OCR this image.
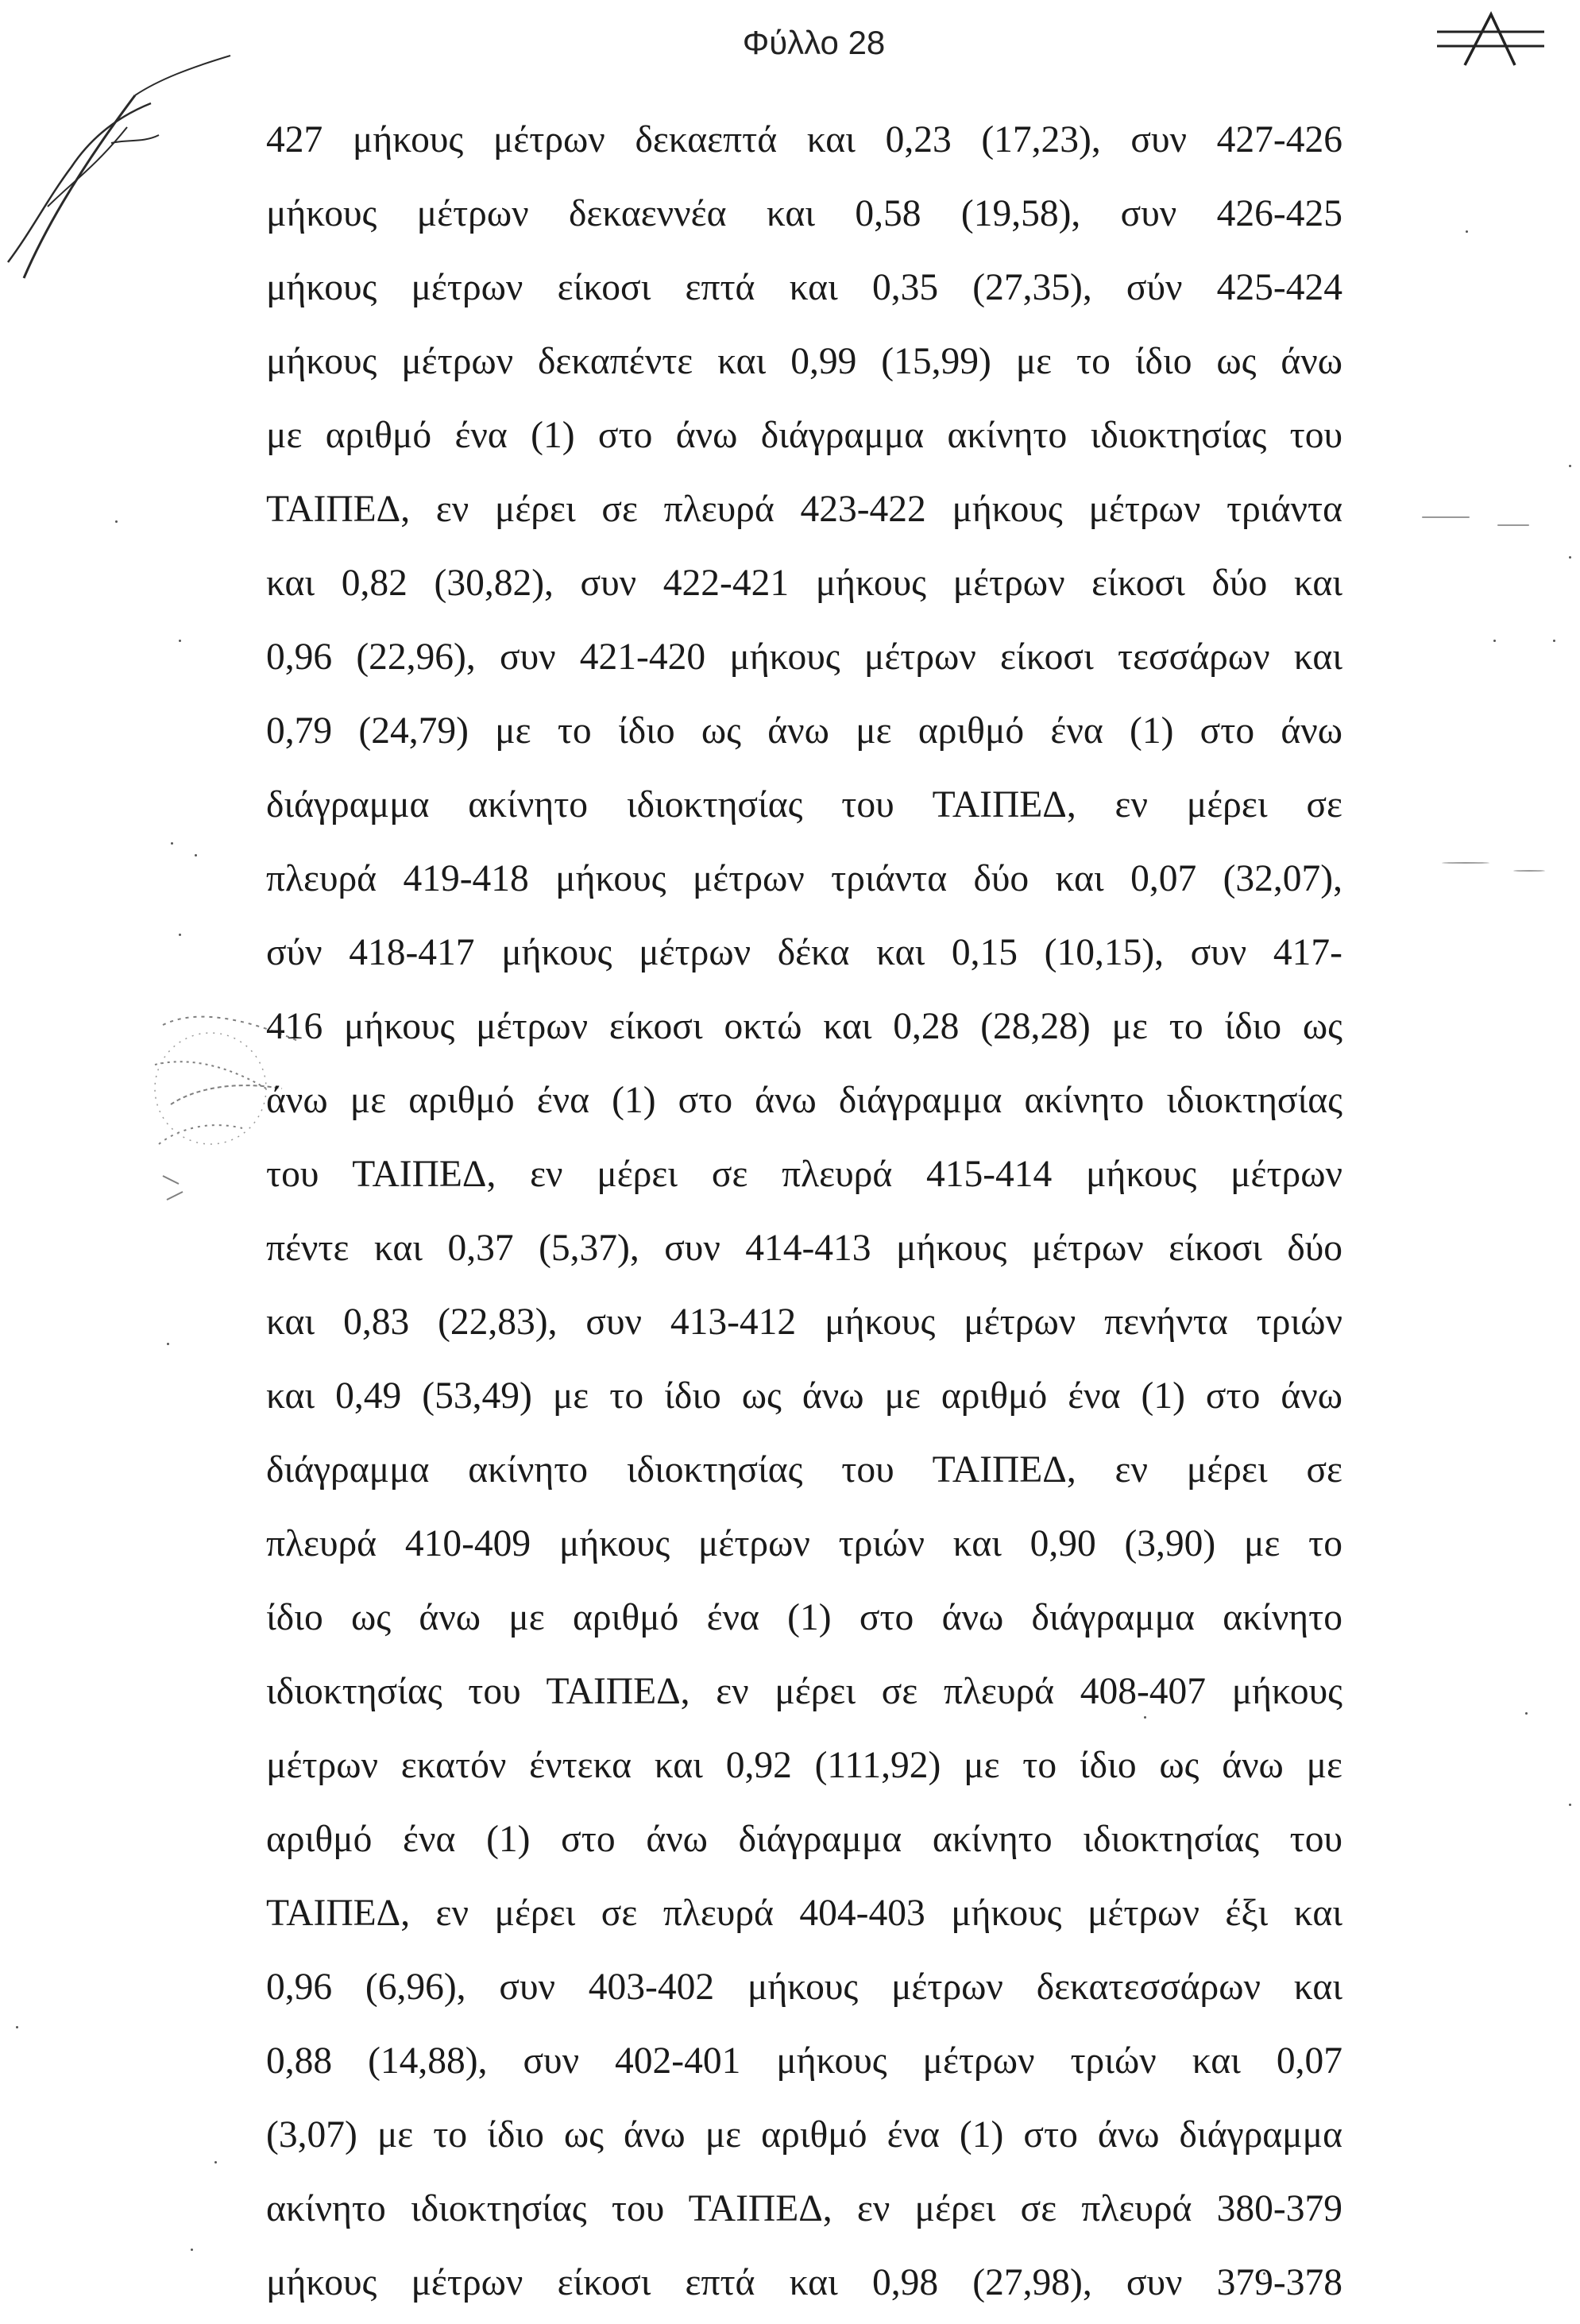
Φύλλο 28
427 μήκους μέτρων δεκαεπτά και 0,23 (17,23), συν 427-426
μήκους μέτρων δεκαεννέα και 0,58 (19,58), συν 426-425
μήκους μέτρων είκοσι επτά και 0,35 (27,35), σύν 425-424
μήκους μέτρων δεκαπέντε και 0,99 (15,99) με το ίδιο ως άνω
με αριθμό ένα (1) στο άνω διάγραμμα ακίνητο ιδιοκτησίας του
ΤΑΙΠΕΔ, εν μέρει σε πλευρά 423-422 μήκους μέτρων τριάντα
και 0,82 (30,82), συν 422-421 μήκους μέτρων είκοσι δύο και
0,96 (22,96), συν 421-420 μήκους μέτρων είκοσι τεσσάρων και
0,79 (24,79) με το ίδιο ως άνω με αριθμό ένα (1) στο άνω
διάγραμμα ακίνητο ιδιοκτησίας του ΤΑΙΠΕΔ, εν μέρει σε
πλευρά 419-418 μήκους μέτρων τριάντα δύο και 0,07 (32,07),
σύν 418-417 μήκους μέτρων δέκα και 0,15 (10,15), συν 417-
416 μήκους μέτρων είκοσι οκτώ και 0,28 (28,28) με το ίδιο ως
άνω με αριθμό ένα (1) στο άνω διάγραμμα ακίνητο ιδιοκτησίας
του ΤΑΙΠΕΔ, εν μέρει σε πλευρά 415-414 μήκους μέτρων
πέντε και 0,37 (5,37), συν 414-413 μήκους μέτρων είκοσι δύο
και 0,83 (22,83), συν 413-412 μήκους μέτρων πενήντα τριών
και 0,49 (53,49) με το ίδιο ως άνω με αριθμό ένα (1) στο άνω
διάγραμμα ακίνητο ιδιοκτησίας του ΤΑΙΠΕΔ, εν μέρει σε
πλευρά 410-409 μήκους μέτρων τριών και 0,90 (3,90) με το
ίδιο ως άνω με αριθμό ένα (1) στο άνω διάγραμμα ακίνητο
ιδιοκτησίας του ΤΑΙΠΕΔ, εν μέρει σε πλευρά 408-407 μήκους
μέτρων εκατόν έντεκα και 0,92 (111,92) με το ίδιο ως άνω με
αριθμό ένα (1) στο άνω διάγραμμα ακίνητο ιδιοκτησίας του
ΤΑΙΠΕΔ, εν μέρει σε πλευρά 404-403 μήκους μέτρων έξι και
0,96 (6,96), συν 403-402 μήκους μέτρων δεκατεσσάρων και
0,88 (14,88), συν 402-401 μήκους μέτρων τριών και 0,07
(3,07) με το ίδιο ως άνω με αριθμό ένα (1) στο άνω διάγραμμα
ακίνητο ιδιοκτησίας του ΤΑΙΠΕΔ, εν μέρει σε πλευρά 380-379
μήκους μέτρων είκοσι επτά και 0,98 (27,98), συν 379-378
